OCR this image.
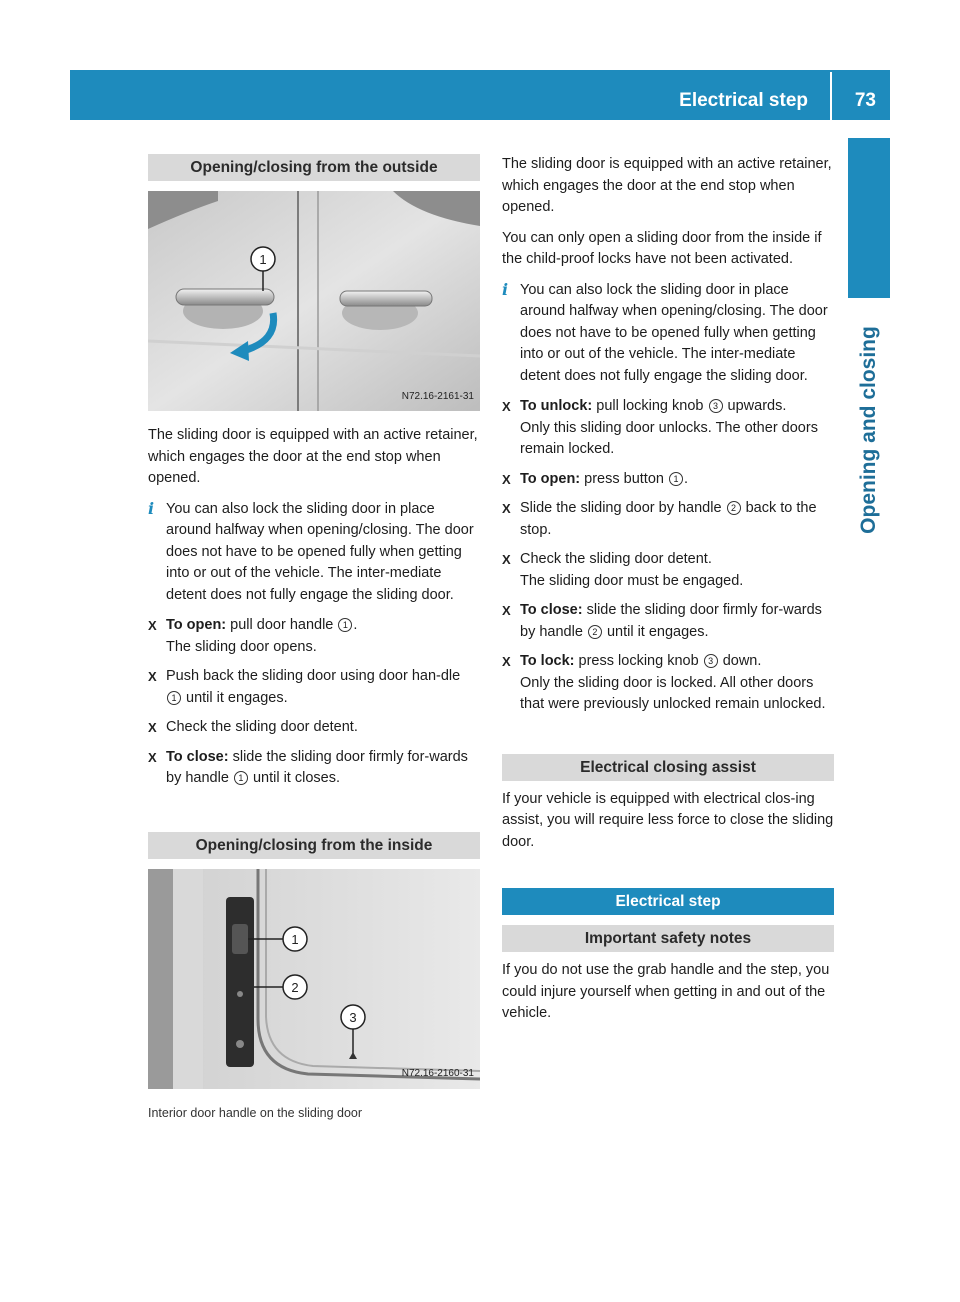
Electrical step 73
Opening and closing
Opening/closing from the outside
1
N72.16-2161-31

The sliding door is equipped with an active retainer, which engages the door at the end stop when opened.

i You can also lock the sliding door in place around halfway when opening/closing. The door does not have to be opened fully when getting into or out of the vehicle. The inter-mediate detent does not fully engage the sliding door.
X To open: pull door handle 1 .
The sliding door opens.
X Push back the sliding door using door han-dle 1 until it engages.
X Check the sliding door detent.
X To close: slide the sliding door firmly for-wards by handle 1 until it closes.
Opening/closing from the inside
1
2
3
N72.16-2160-31
Interior door handle on the sliding door

The sliding door is equipped with an active retainer, which engages the door at the end stop when opened.

You can only open a sliding door from the inside if the child-proof locks have not been activated.

i You can also lock the sliding door in place around halfway when opening/closing. The door does not have to be opened fully when getting into or out of the vehicle. The inter-mediate detent does not fully engage the sliding door.
X To unlock: pull locking knob 3 upwards.
Only this sliding door unlocks. The other doors remain locked.
X To open: press button 1 .
X Slide the sliding door by handle 2 back to the stop.
X Check the sliding door detent.
The sliding door must be engaged.
X To close: slide the sliding door firmly for-wards by handle 2 until it engages.
X To lock: press locking knob 3 down.
Only the sliding door is locked. All other doors that were previously unlocked remain unlocked.
Electrical closing assist

If your vehicle is equipped with electrical clos-ing assist, you will require less force to close the sliding door.

Electrical step
Important safety notes

If you do not use the grab handle and the step, you could injure yourself when getting in and out of the vehicle.
